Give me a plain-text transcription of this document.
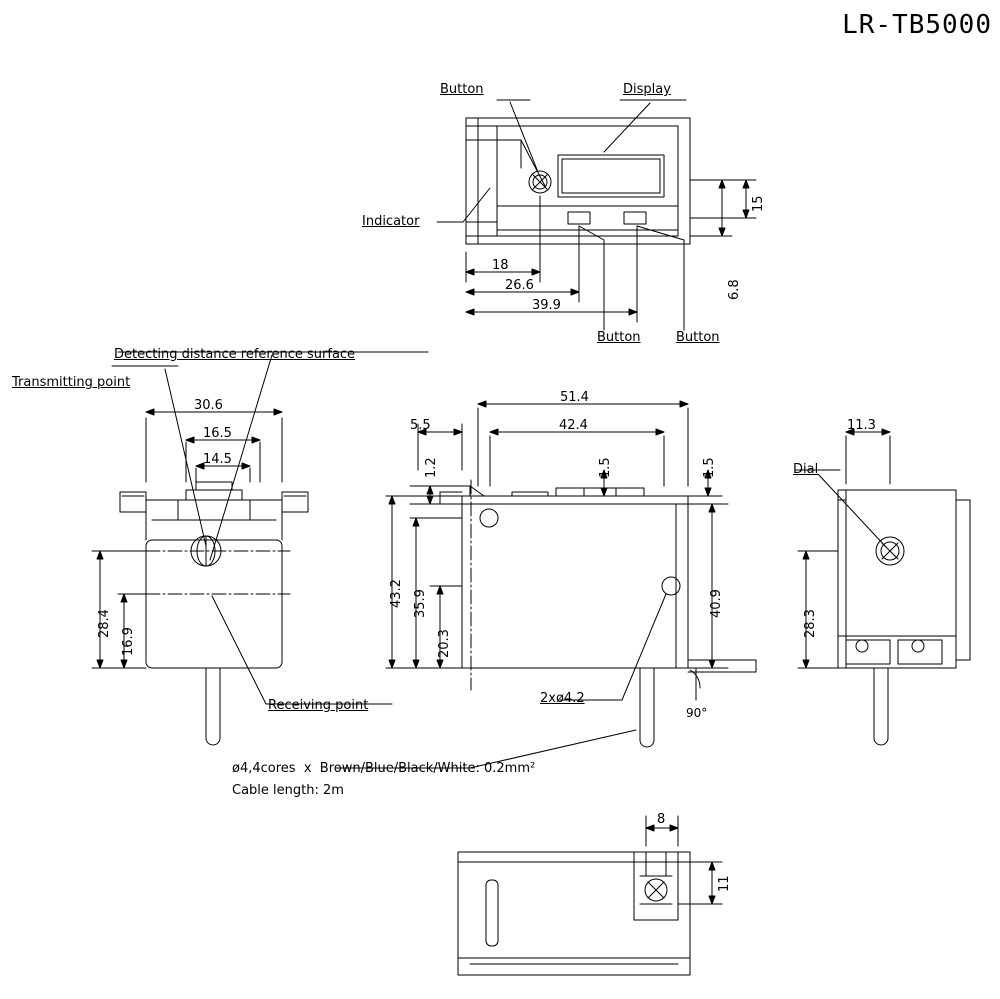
LR-TB5000
Button	Display
Indicator
Button	Button
Detecting distance reference surface
Transmitting point
Receiving point	2xø4.2
90°
ø4,4cores  x  Brown/Blue/Black/White: 0.2mm²
Cable length: 2m
Dial
18
26.6
39.9
15
6.8
30.6
16.5
14.5
28.4
16.9
51.4
42.4
5.5
1.2	1.5	1.5
43.2 35.9
20.3
40.9
11.3
28.3
8
11
